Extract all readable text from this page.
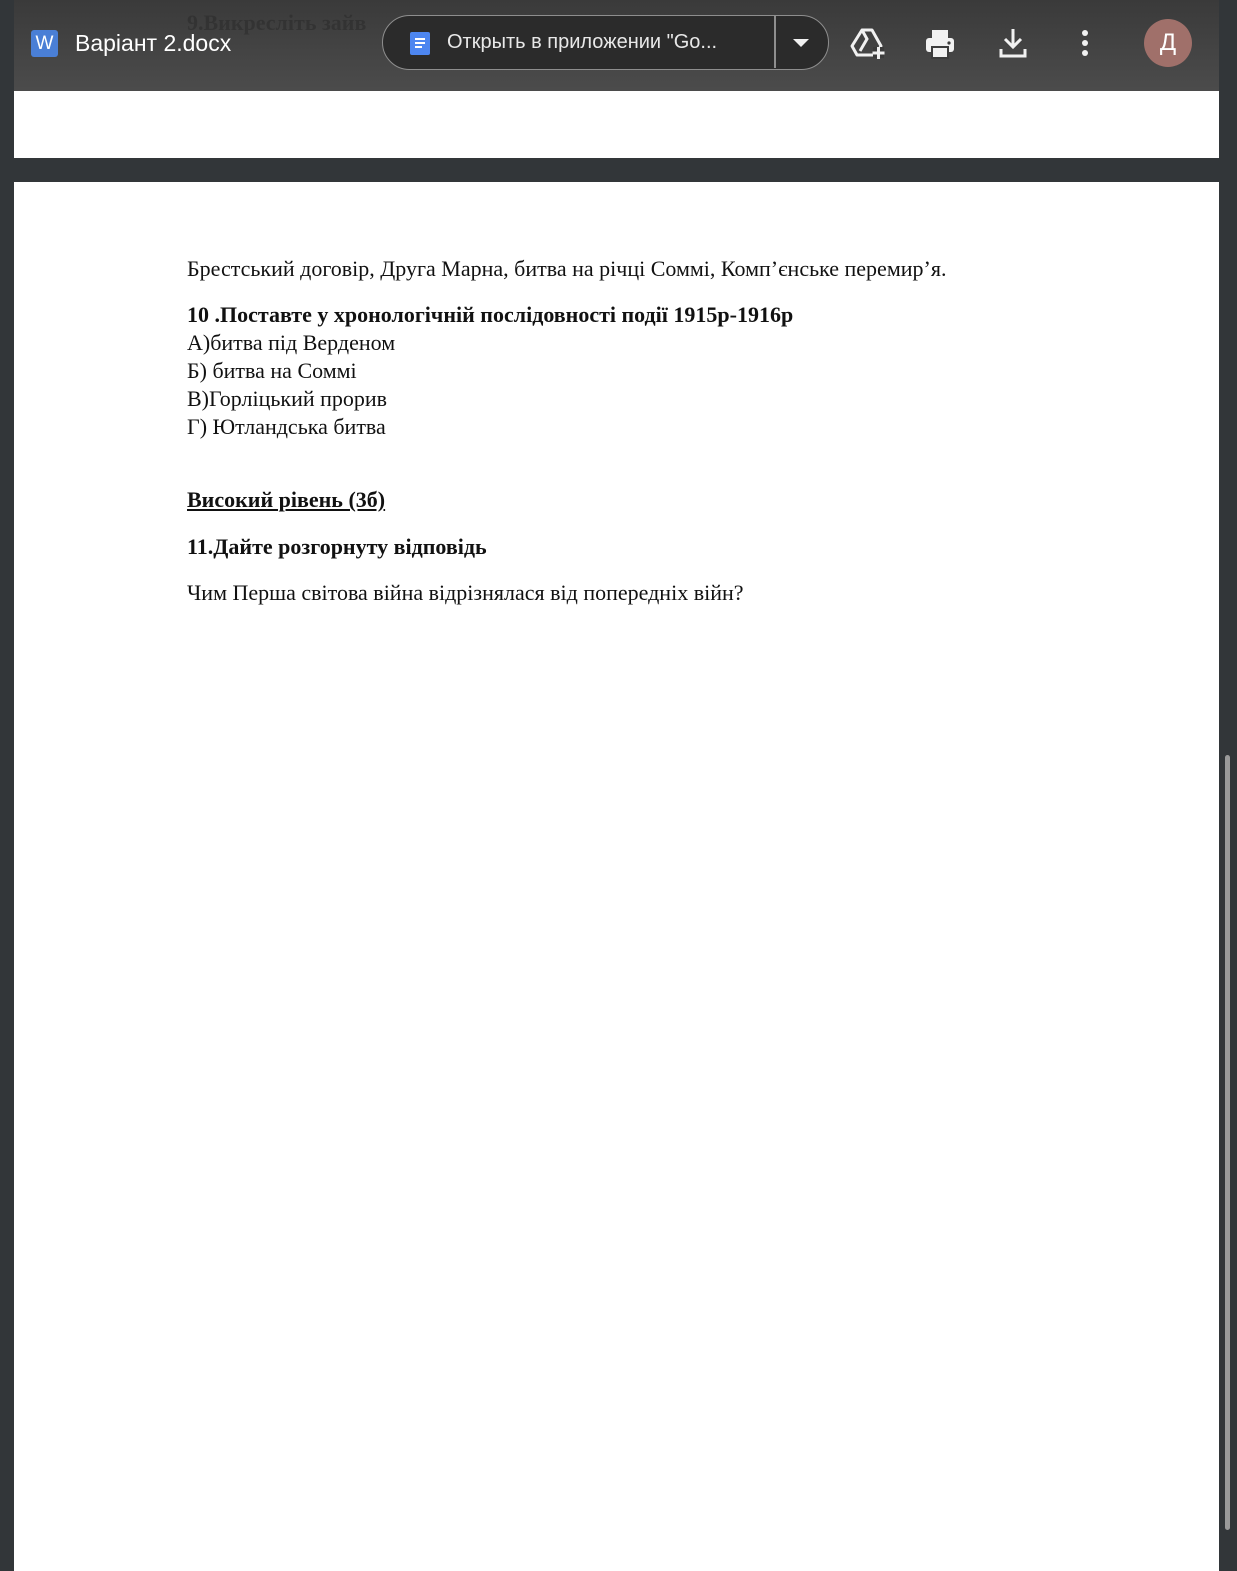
Брестський договір, Друга Марна, битва на річці Соммі, Комп’єнське перемир’я.

10 .Поставте у хронологічній послідовності події 1915р-1916р

А)битва під Верденом

Б) битва на Соммі

В)Горліцький прорив

Г) Ютландська битва

Високий рівень (3б)

11.Дайте розгорнуту відповідь

Чим Перша світова війна відрізнялася від попередніх війн?

W Варіант 2.docx	Открыть в приложении "Go...	Д
